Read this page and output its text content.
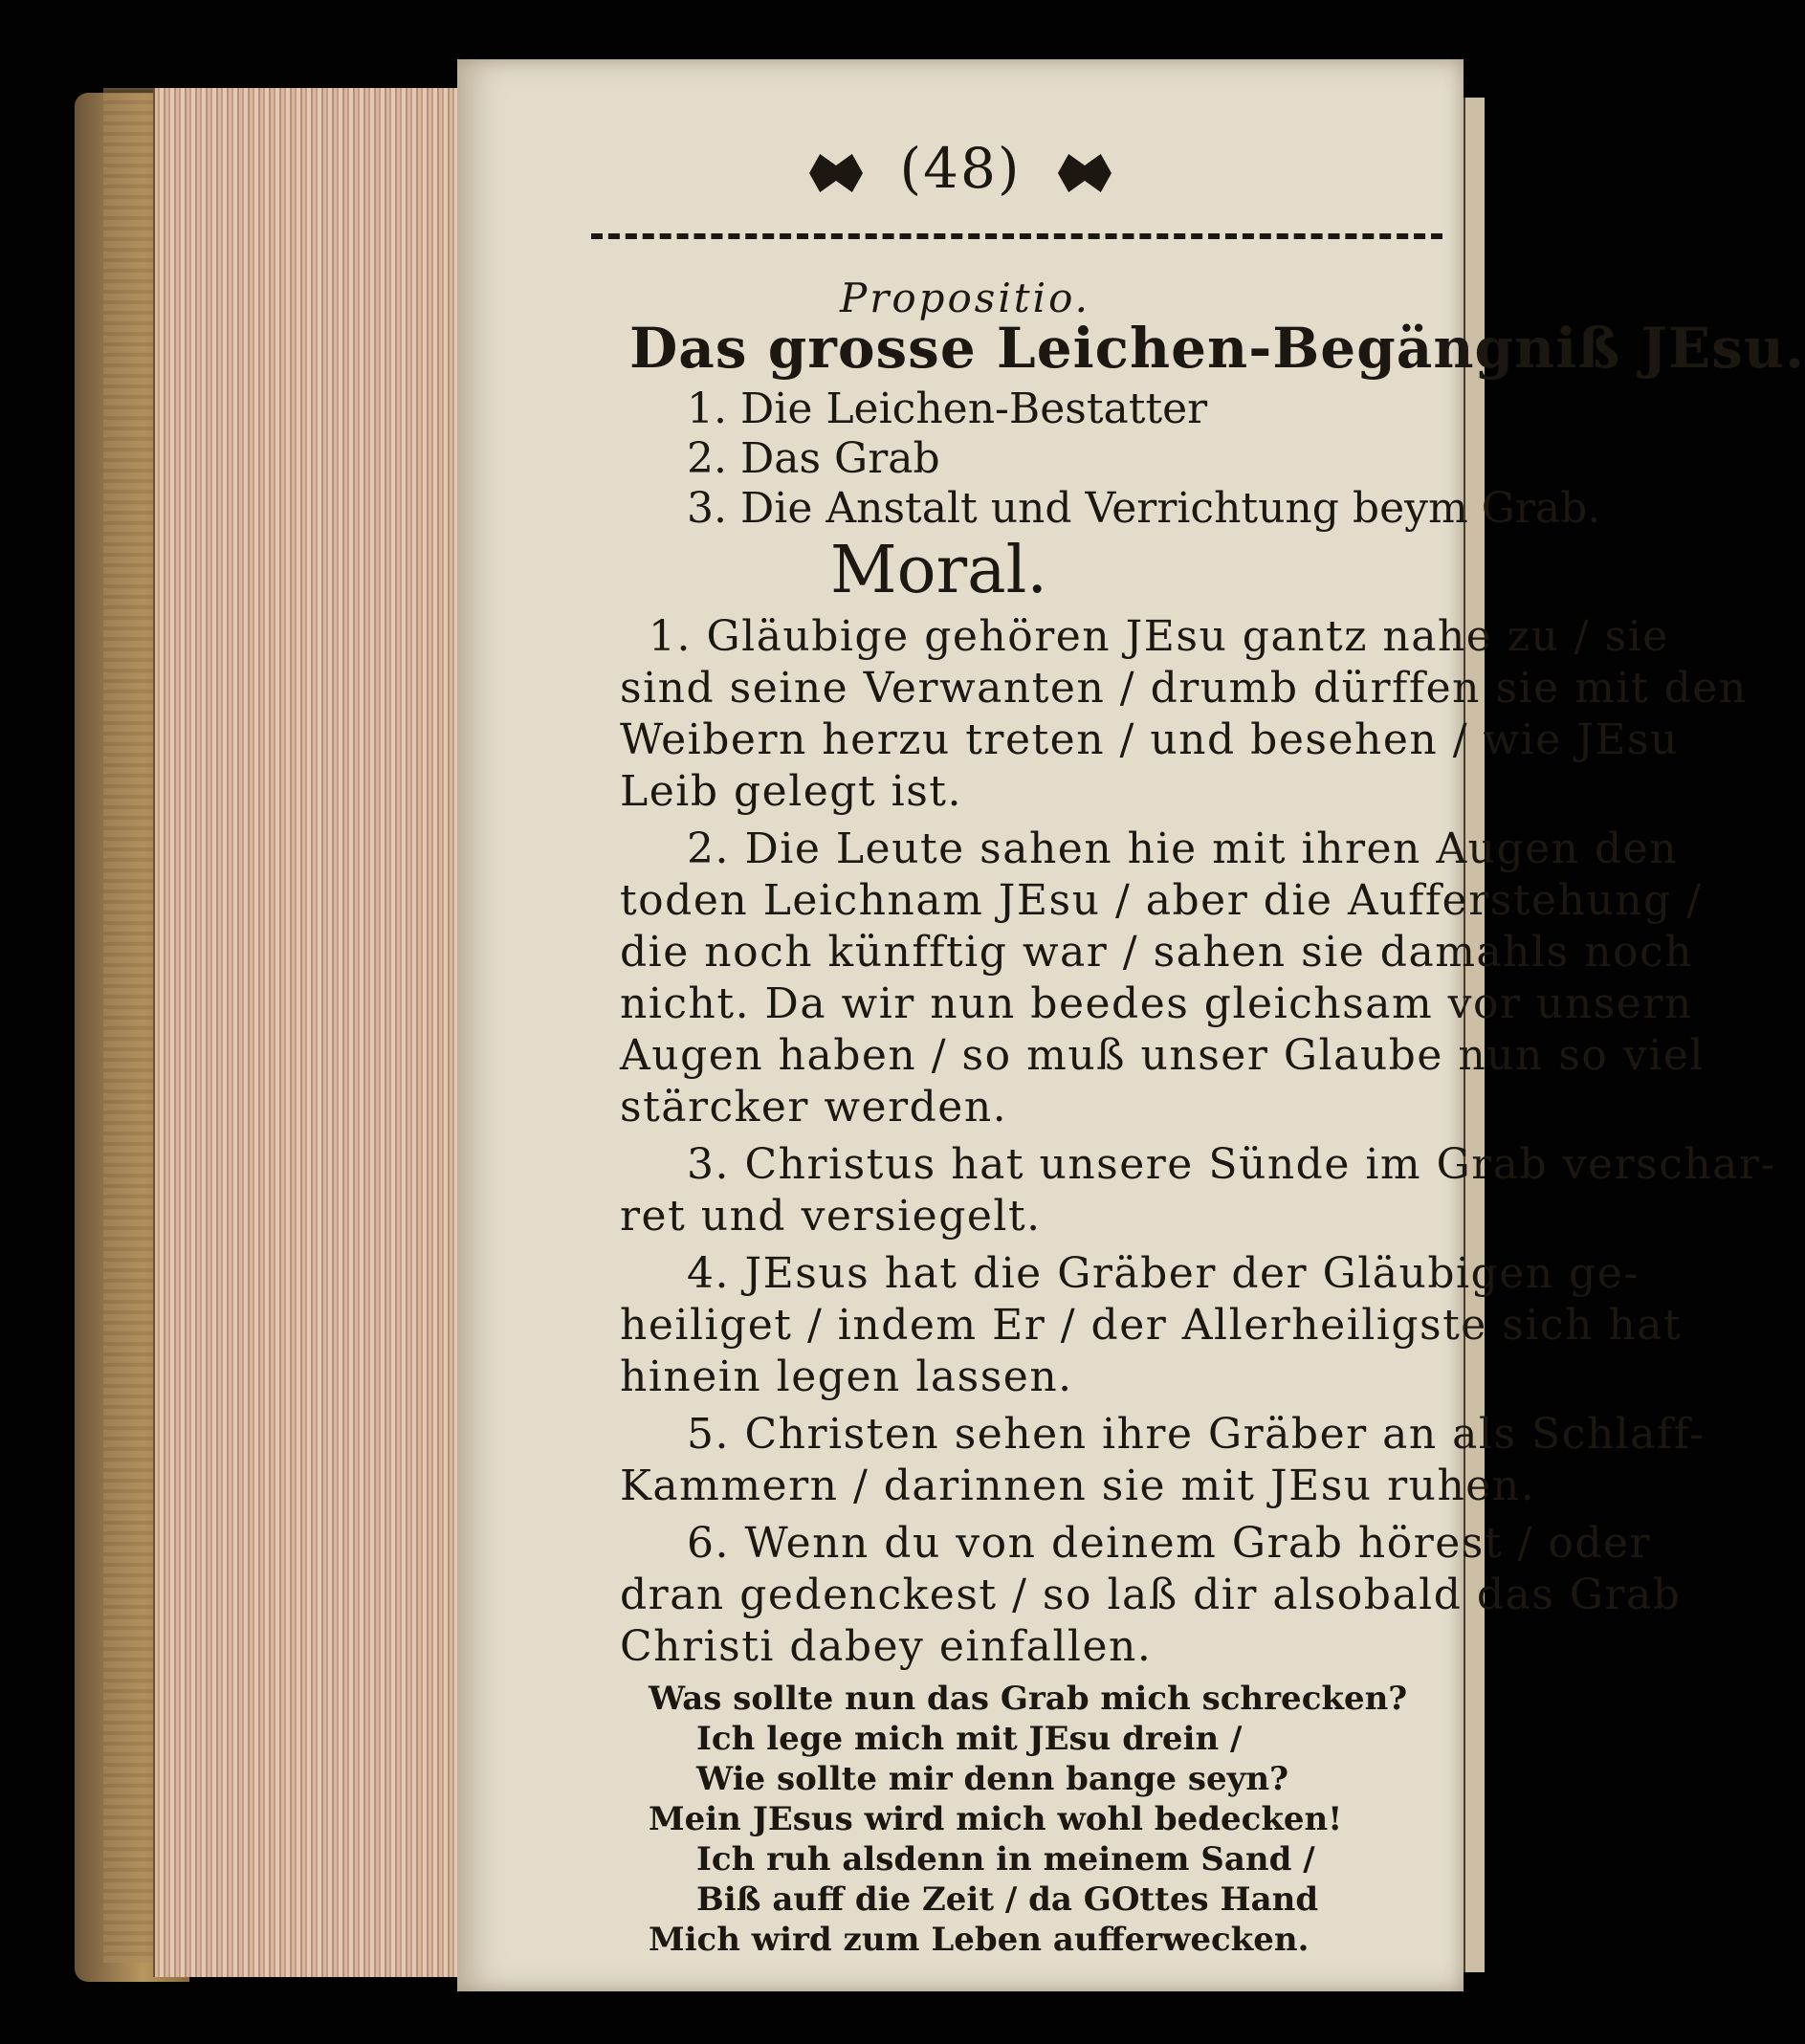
(48)
Propositio.
Das grosse Leichen-Begängniß JEsu.
1. Die Leichen-Bestatter
2. Das Grab
3. Die Anstalt und Verrichtung beym Grab.
Moral.
1. Gläubige gehören JEsu gantz nahe zu / sie
sind seine Verwanten / drumb dürffen sie mit den
Weibern herzu treten / und besehen / wie JEsu
Leib gelegt ist.
2. Die Leute sahen hie mit ihren Augen den
toden Leichnam JEsu / aber die Aufferstehung /
die noch künfftig war / sahen sie damahls noch
nicht. Da wir nun beedes gleichsam vor unsern
Augen haben / so muß unser Glaube nun so viel
stärcker werden.
3. Christus hat unsere Sünde im Grab verschar-
ret und versiegelt.
4. JEsus hat die Gräber der Gläubigen ge-
heiliget / indem Er / der Allerheiligste sich hat
hinein legen lassen.
5. Christen sehen ihre Gräber an als Schlaff-
Kammern / darinnen sie mit JEsu ruhen.
6. Wenn du von deinem Grab hörest / oder
dran gedenckest / so laß dir alsobald das Grab
Christi dabey einfallen.
Was sollte nun das Grab mich schrecken?
Ich lege mich mit JEsu drein /
Wie sollte mir denn bange seyn?
Mein JEsus wird mich wohl bedecken!
Ich ruh alsdenn in meinem Sand /
Biß auff die Zeit / da GOttes Hand
Mich wird zum Leben aufferwecken.
